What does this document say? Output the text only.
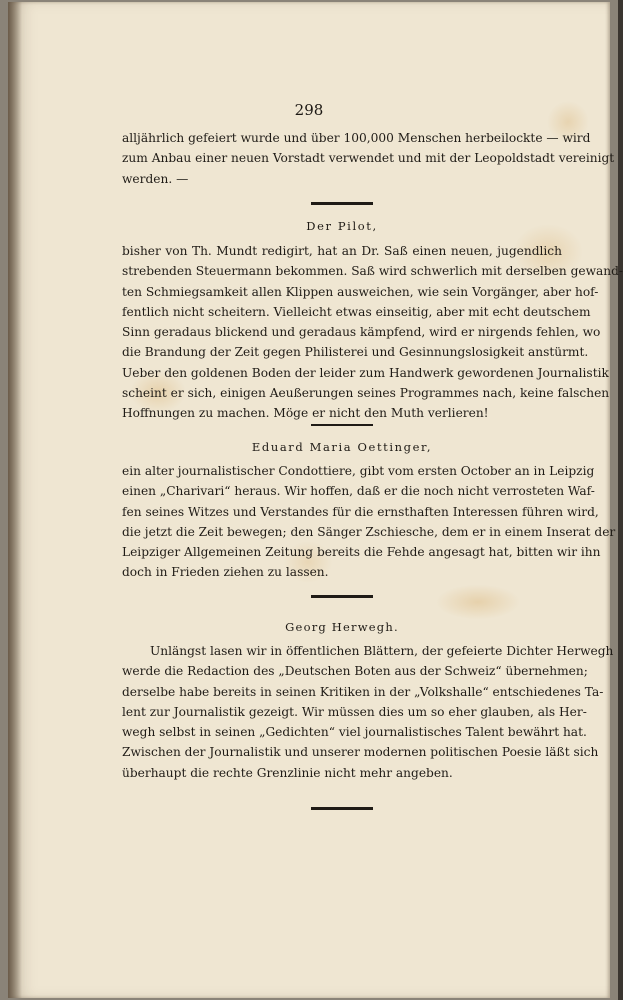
298
alljährlich gefeiert wurde und über 100,000 Menschen herbeilockte — wird
zum Anbau einer neuen Vorstadt verwendet und mit der Leopoldstadt vereinigt
werden. —
Der Pilot,
bisher von Th. Mundt redigirt, hat an Dr. Saß einen neuen, jugendlich
strebenden Steuermann bekommen. Saß wird schwerlich mit derselben gewand-
ten Schmiegsamkeit allen Klippen ausweichen, wie sein Vorgänger, aber hof-
fentlich nicht scheitern. Vielleicht etwas einseitig, aber mit echt deutschem
Sinn geradaus blickend und geradaus kämpfend, wird er nirgends fehlen, wo
die Brandung der Zeit gegen Philisterei und Gesinnungslosigkeit anstürmt.
Ueber den goldenen Boden der leider zum Handwerk gewordenen Journalistik
scheint er sich, einigen Aeußerungen seines Programmes nach, keine falschen
Hoffnungen zu machen. Möge er nicht den Muth verlieren!
Eduard Maria Oettinger,
ein alter journalistischer Condottiere, gibt vom ersten October an in Leipzig
einen „Charivari“ heraus. Wir hoffen, daß er die noch nicht verrosteten Waf-
fen seines Witzes und Verstandes für die ernsthaften Interessen führen wird,
die jetzt die Zeit bewegen; den Sänger Zschiesche, dem er in einem Inserat der
Leipziger Allgemeinen Zeitung bereits die Fehde angesagt hat, bitten wir ihn
doch in Frieden ziehen zu lassen.
Georg Herwegh.
Unlängst lasen wir in öffentlichen Blättern, der gefeierte Dichter Herwegh
werde die Redaction des „Deutschen Boten aus der Schweiz“ übernehmen;
derselbe habe bereits in seinen Kritiken in der „Volkshalle“ entschiedenes Ta-
lent zur Journalistik gezeigt. Wir müssen dies um so eher glauben, als Her-
wegh selbst in seinen „Gedichten“ viel journalistisches Talent bewährt hat.
Zwischen der Journalistik und unserer modernen politischen Poesie läßt sich
überhaupt die rechte Grenzlinie nicht mehr angeben.
